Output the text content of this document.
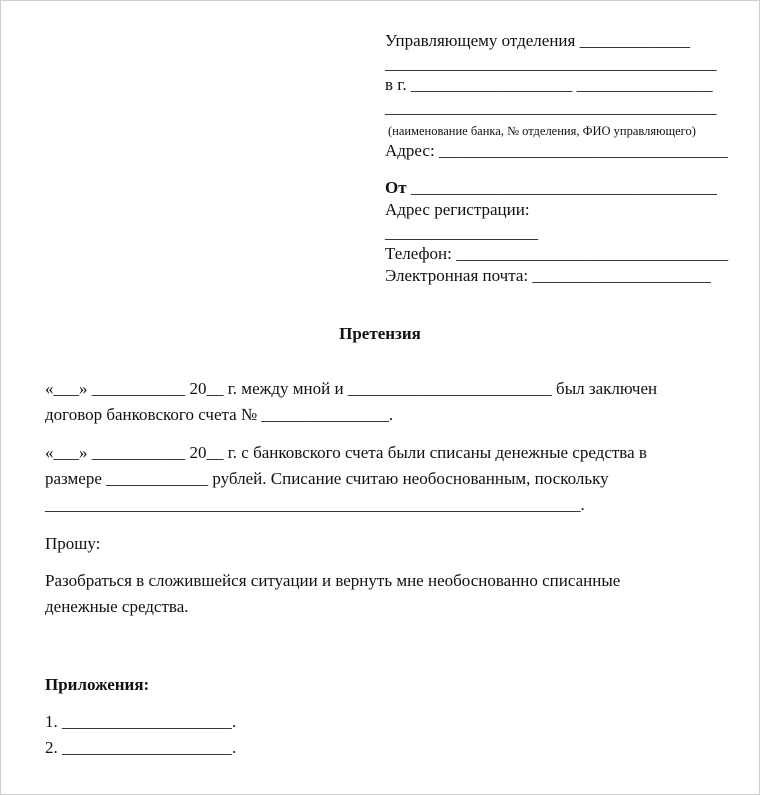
Управляющему отделения _____________
_______________________________________
в г. ___________________ ________________
_______________________________________
(наименование банка, № отделения, ФИО управляющего)
Адрес: __________________________________
От ____________________________________
Адрес регистрации:
__________________
Телефон: ________________________________
Электронная почта: _____________________
Претензия
«___» ___________ 20__ г. между мной и ________________________ был заключен
договор банковского счета № _______________.
«___» ___________ 20__ г. с банковского счета были списаны денежные средства в
размере ____________ рублей. Списание считаю необоснованным, поскольку
_______________________________________________________________.
Прошу:
Разобраться в сложившейся ситуации и вернуть мне необоснованно списанные
денежные средства.
Приложения:
1. ____________________.
2. ____________________.
